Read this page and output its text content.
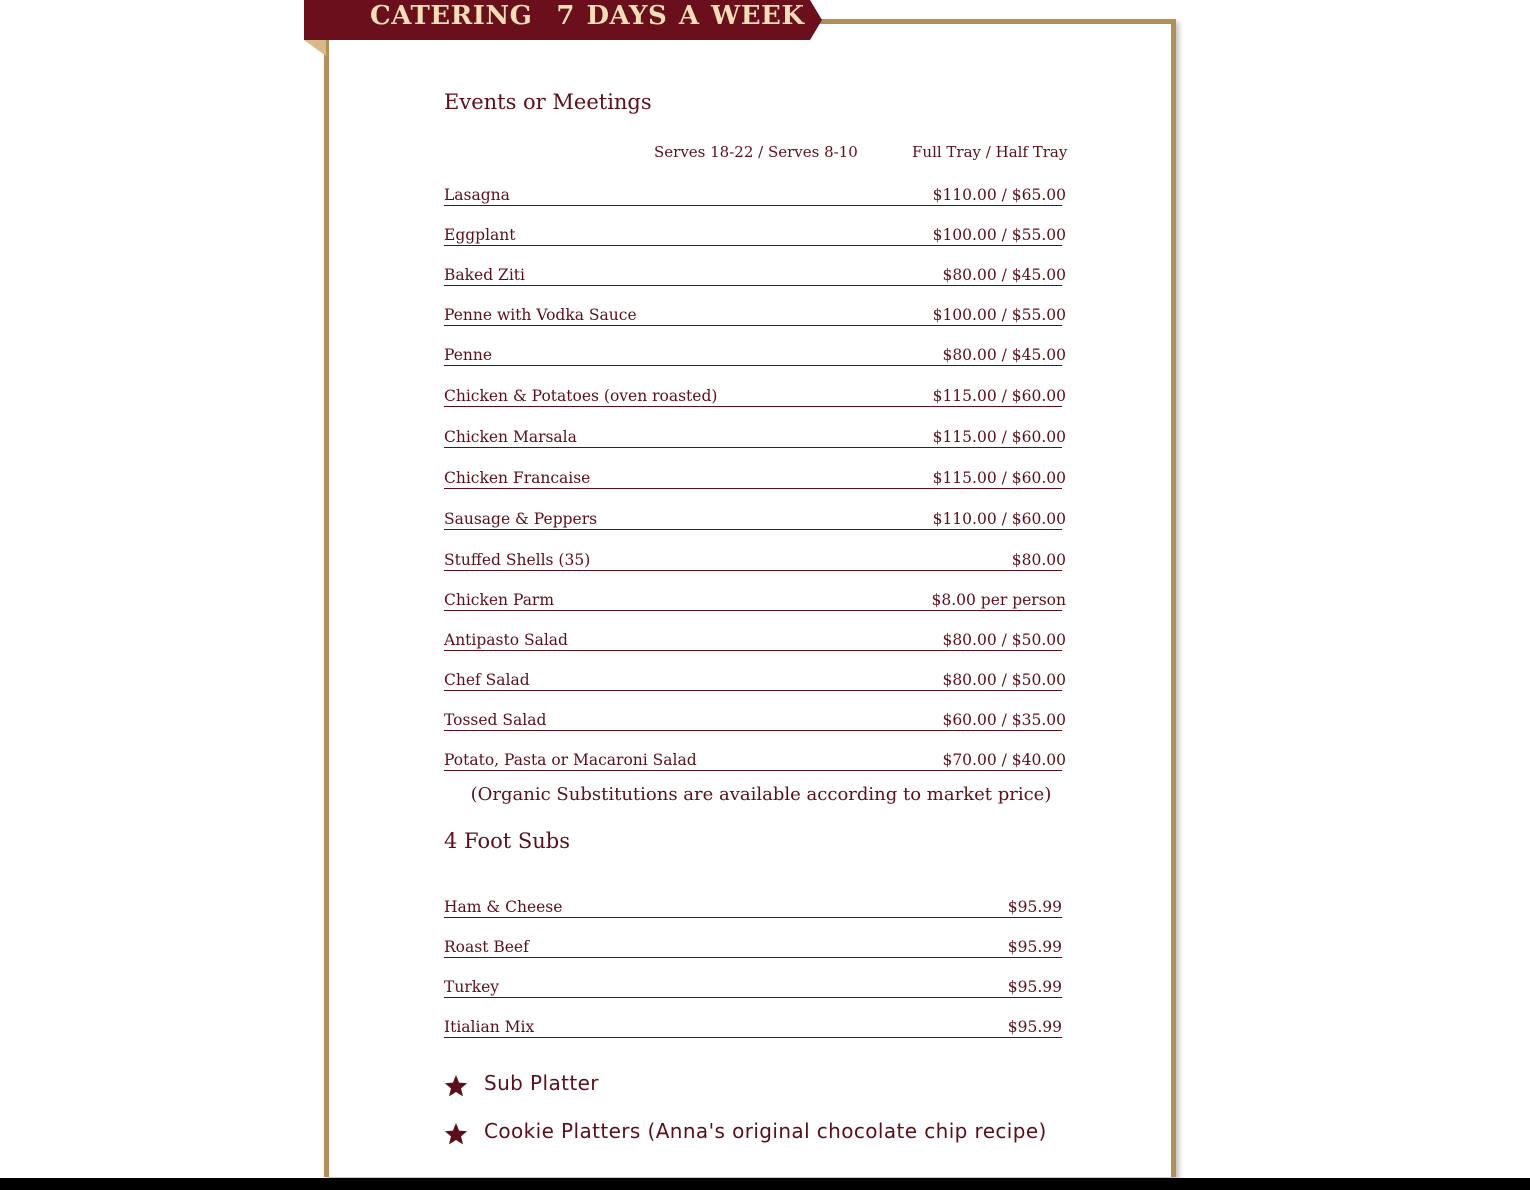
CATERING 7 DAYS A WEEK
Events or Meetings
Serves 18-22 / Serves 8-10	Full Tray / Half Tray
Lasagna	$110.00 / $65.00
Eggplant	$100.00 / $55.00
Baked Ziti	$80.00 / $45.00
Penne with Vodka Sauce	$100.00 / $55.00
Penne	$80.00 / $45.00
Chicken & Potatoes (oven roasted)	$115.00 / $60.00
Chicken Marsala	$115.00 / $60.00
Chicken Francaise	$115.00 / $60.00
Sausage & Peppers	$110.00 / $60.00
Stuffed Shells (35)	$80.00
Chicken Parm	$8.00 per person
Antipasto Salad	$80.00 / $50.00
Chef Salad	$80.00 / $50.00
Tossed Salad	$60.00 / $35.00
Potato, Pasta or Macaroni Salad	$70.00 / $40.00
(Organic Substitutions are available according to market price)
4 Foot Subs
Ham & Cheese	$95.99
Roast Beef	$95.99
Turkey	$95.99
Itialian Mix	$95.99
Sub Platter
Cookie Platters (Anna's original chocolate chip recipe)
